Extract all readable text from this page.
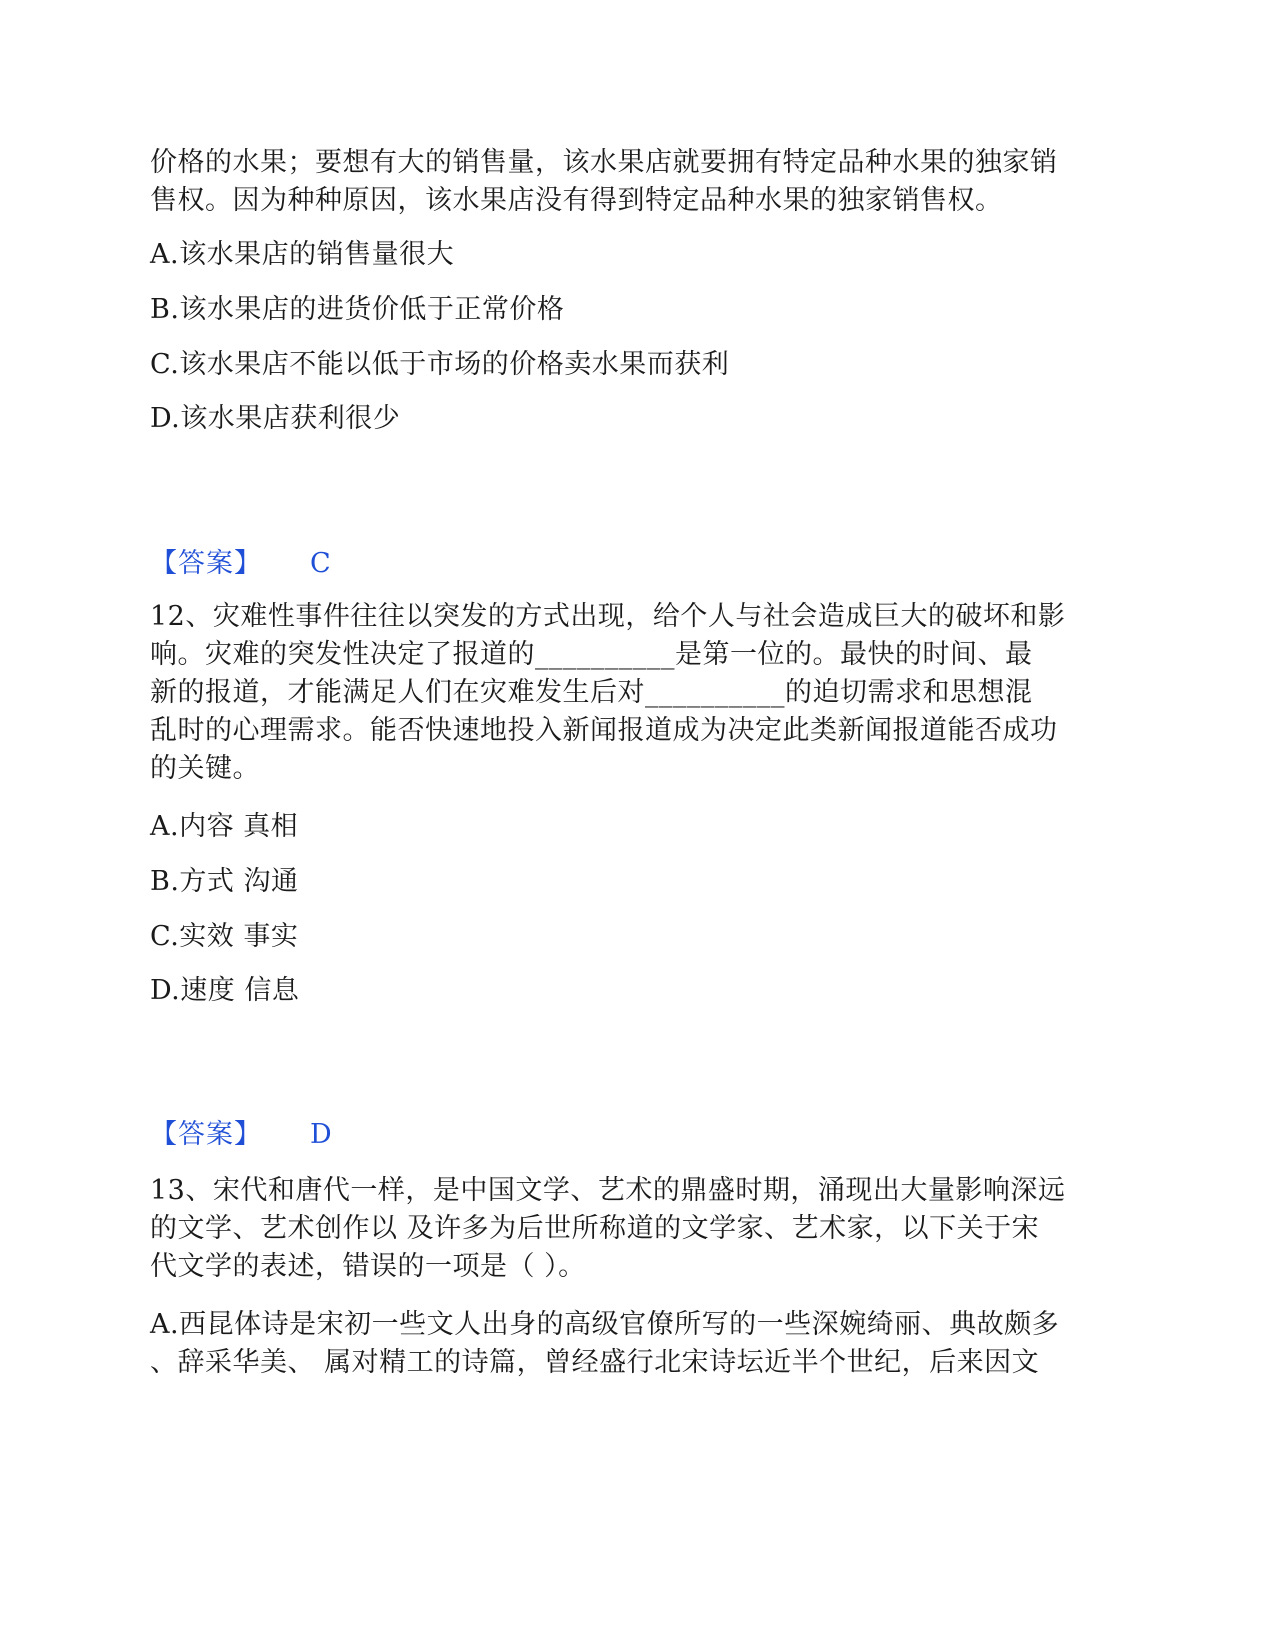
价格的水果；要想有大的销售量，该水果店就要拥有特定品种水果的独家销
售权。因为种种原因，该水果店没有得到特定品种水果的独家销售权。

A.该水果店的销售量很大
B.该水果店的进货价低于正常价格
C.该水果店不能以低于市场的价格卖水果而获利
D.该水果店获利很少
【答案】 C

12、灾难性事件往往以突发的方式出现，给个人与社会造成巨大的破坏和影
响。灾难的突发性决定了报道的__________是第一位的。最快的时间、最
新的报道，才能满足人们在灾难发生后对__________的迫切需求和思想混
乱时的心理需求。能否快速地投入新闻报道成为决定此类新闻报道能否成功
的关键。

A.内容 真相
B.方式 沟通
C.实效 事实
D.速度 信息
【答案】 D

13、宋代和唐代一样，是中国文学、艺术的鼎盛时期，涌现出大量影响深远
的文学、艺术创作以 及许多为后世所称道的文学家、艺术家，以下关于宋
代文学的表述，错误的一项是（ ）。

A.西昆体诗是宋初一些文人出身的高级官僚所写的一些深婉绮丽、典故颇多
、辞采华美、 属对精工的诗篇，曾经盛行北宋诗坛近半个世纪，后来因文
